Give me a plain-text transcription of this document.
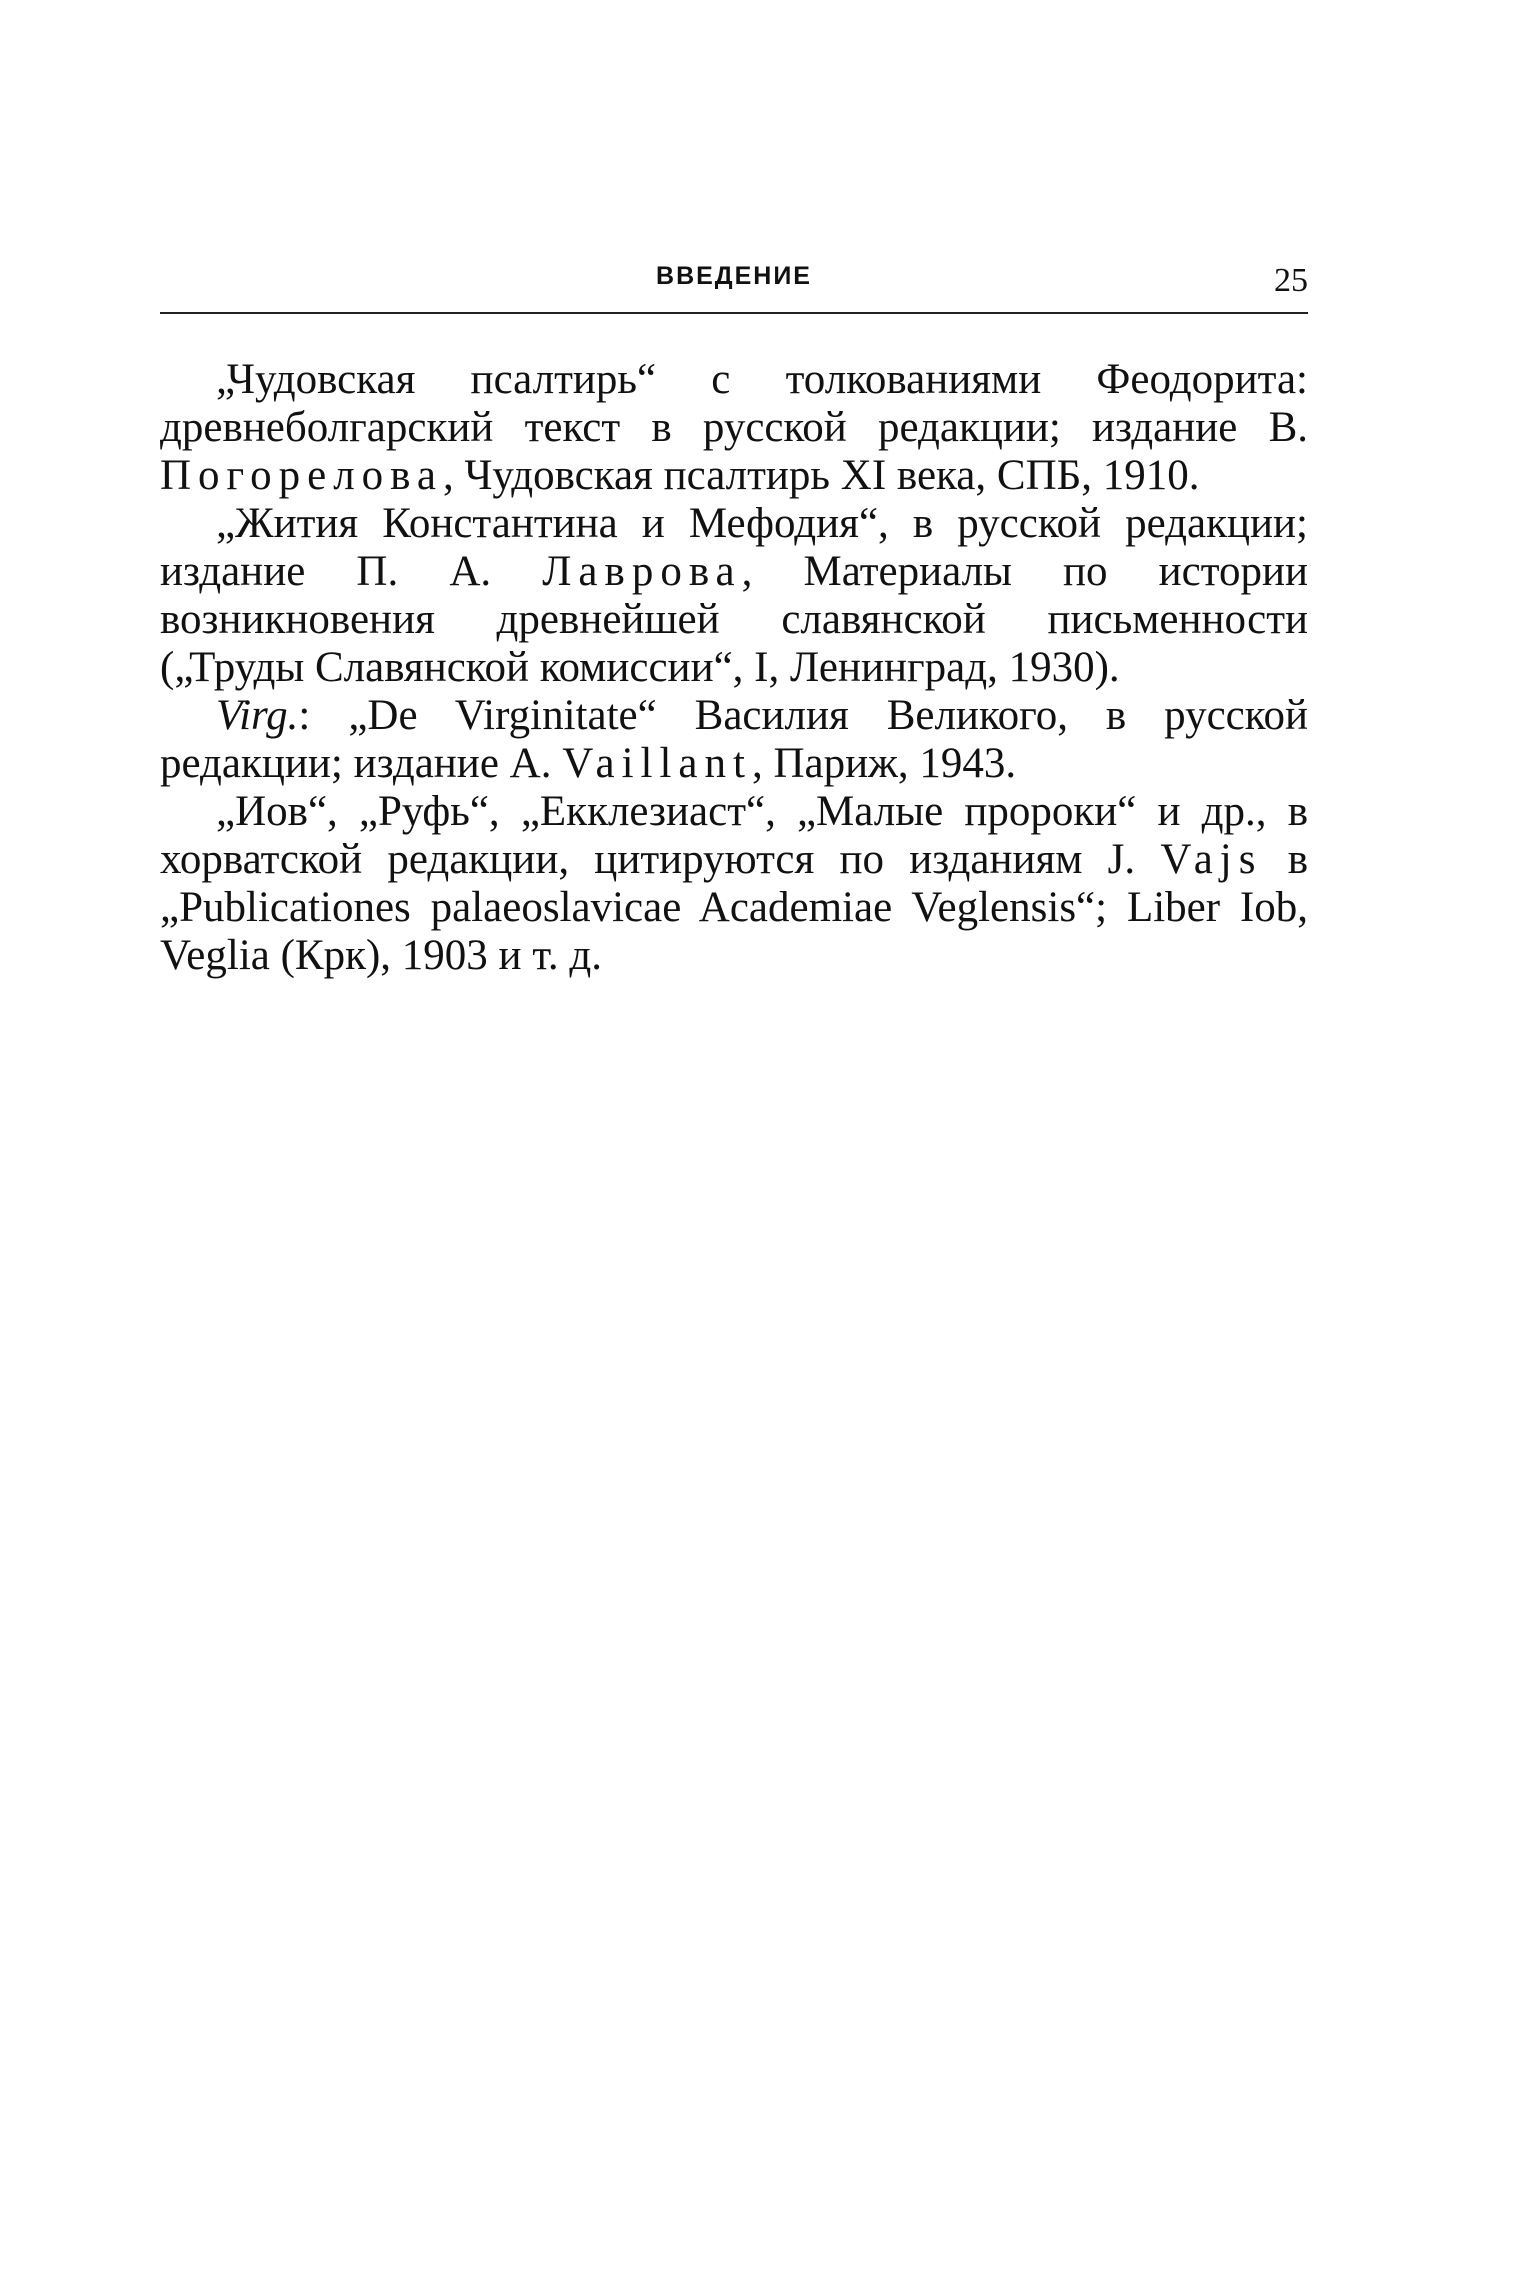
ВВЕДЕНИЕ	25

„Чудовская псалтирь“ с толкованиями Феодорита: древнеболгарский текст в русской редакции; издание В. Погорелова, Чудовская псалтирь XI века, СПБ, 1910.

„Жития Константина и Мефодия“, в русской редакции; издание П. А. Лаврова, Материалы по истории возникновения древнейшей славянской письменности („Труды Славянской комиссии“, I, Ленинград, 1930).

Virg.: „De Virginitate“ Василия Великого, в русской редакции; издание A. Vaillant, Париж, 1943.

„Иов“, „Руфь“, „Екклезиаст“, „Малые пророки“ и др., в хорватской редакции, цитируются по изданиям J. Vajs в „Publicationes palaeoslavicae Academiae Veglensis“; Liber Iob, Veglia (Крк), 1903 и т. д.
